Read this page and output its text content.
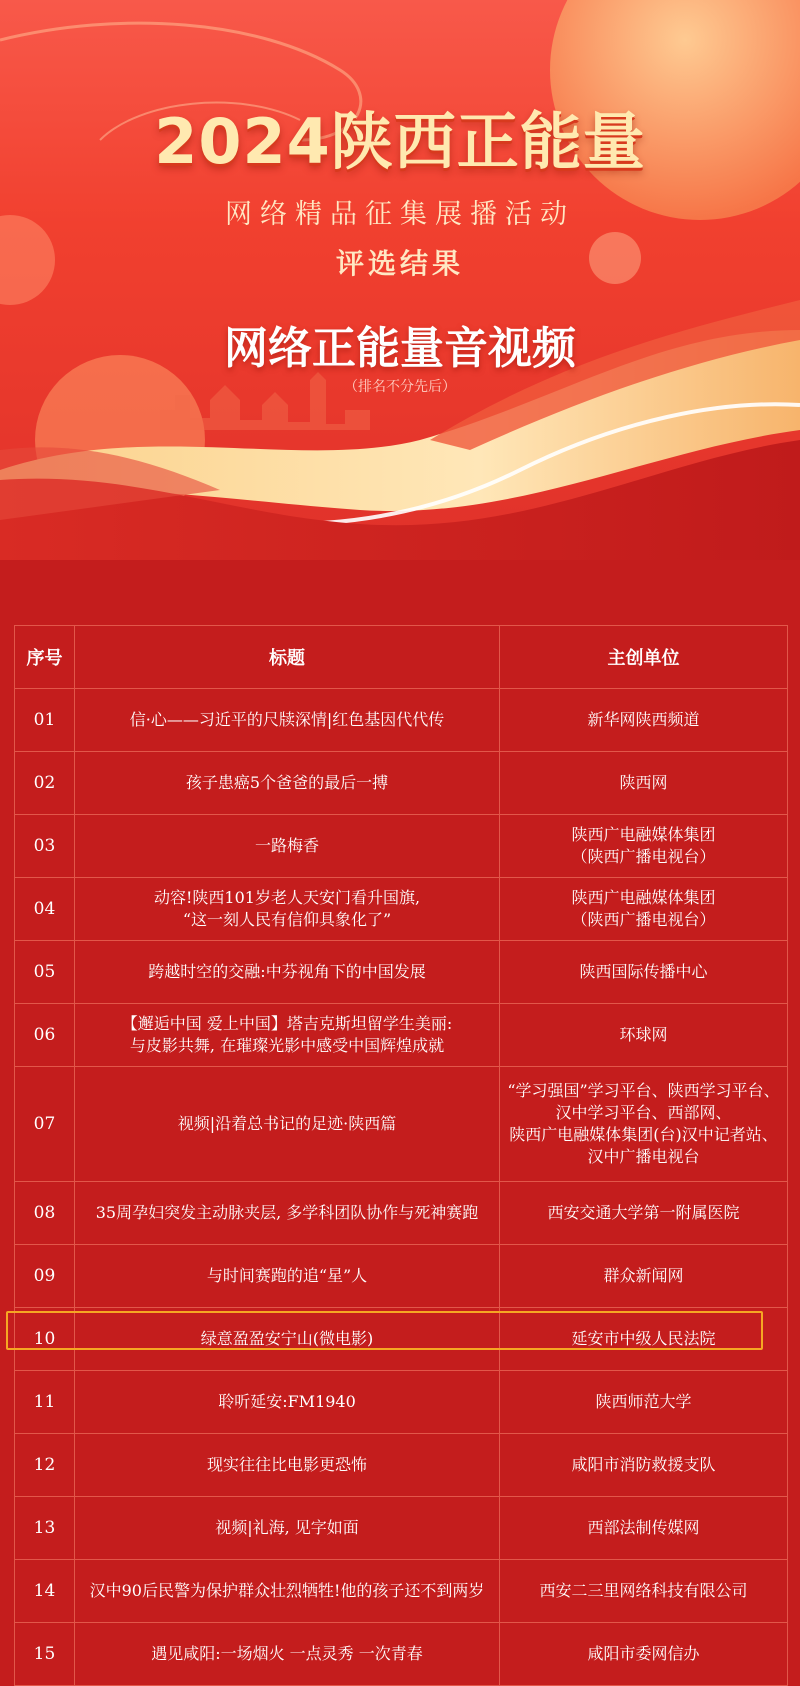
2024陕西正能量
网络精品征集展播活动
评选结果
网络正能量音视频
（排名不分先后）
序号	标题	主创单位
01	信·心——习近平的尺牍深情|红色基因代代传	新华网陕西频道

02	孩子患癌5个爸爸的最后一搏	陕西网

03	一路梅香	陕西广电融媒体集团
（陕西广播电视台）

04	动容!陕西101岁老人天安门看升国旗,
“这一刻人民有信仰具象化了”	陕西广电融媒体集团
（陕西广播电视台）

05	跨越时空的交融:中芬视角下的中国发展	陕西国际传播中心

06	【邂逅中国 爱上中国】塔吉克斯坦留学生美丽:
与皮影共舞, 在璀璨光影中感受中国辉煌成就	环球网

07	视频|沿着总书记的足迹·陕西篇	“学习强国”学习平台、陕西学习平台、
汉中学习平台、西部网、
陕西广电融媒体集团(台)汉中记者站、
汉中广播电视台

08	35周孕妇突发主动脉夹层, 多学科团队协作与死神赛跑	西安交通大学第一附属医院

09	与时间赛跑的追“星”人	群众新闻网

10	绿意盈盈安宁山(微电影)	延安市中级人民法院

11	聆听延安:FM1940	陕西师范大学

12	现实往往比电影更恐怖	咸阳市消防救援支队

13	视频|礼海, 见字如面	西部法制传媒网

14	汉中90后民警为保护群众壮烈牺牲!他的孩子还不到两岁	西安二三里网络科技有限公司

15	遇见咸阳:一场烟火 一点灵秀 一次青春	咸阳市委网信办
